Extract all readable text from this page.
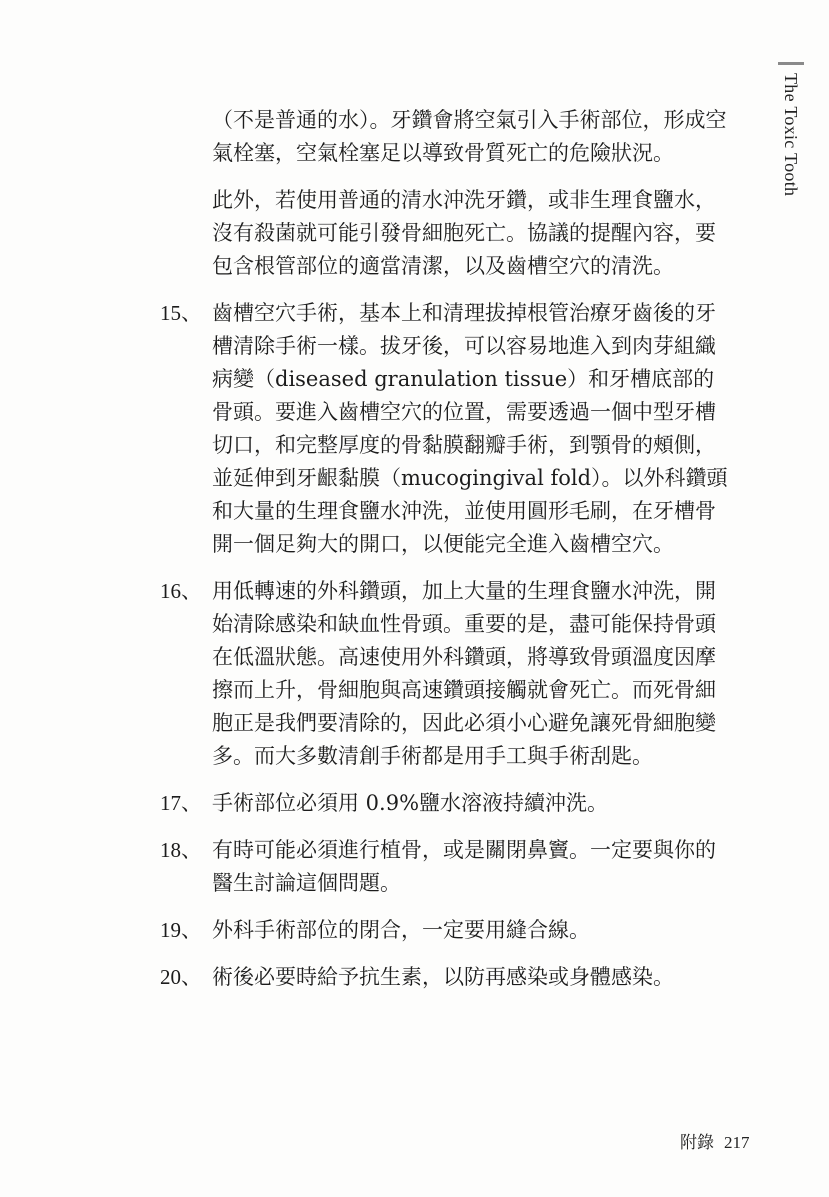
The Toxic Tooth
（不是普通的水）。牙鑽會將空氣引入手術部位，形成空氣栓塞，空氣栓塞足以導致骨質死亡的危險狀況。
此外，若使用普通的清水沖洗牙鑽，或非生理食鹽水，沒有殺菌就可能引發骨細胞死亡。協議的提醒內容，要包含根管部位的適當清潔，以及齒槽空穴的清洗。
15、 齒槽空穴手術，基本上和清理拔掉根管治療牙齒後的牙槽清除手術一樣。拔牙後，可以容易地進入到肉芽組織病變（diseased granulation tissue）和牙槽底部的骨頭。要進入齒槽空穴的位置，需要透過一個中型牙槽切口，和完整厚度的骨黏膜翻瓣手術，到顎骨的頰側，並延伸到牙齦黏膜（mucogingival fold）。以外科鑽頭和大量的生理食鹽水沖洗，並使用圓形毛刷，在牙槽骨開一個足夠大的開口，以便能完全進入齒槽空穴。
16、 用低轉速的外科鑽頭，加上大量的生理食鹽水沖洗，開始清除感染和缺血性骨頭。重要的是，盡可能保持骨頭在低溫狀態。高速使用外科鑽頭，將導致骨頭溫度因摩擦而上升，骨細胞與高速鑽頭接觸就會死亡。而死骨細胞正是我們要清除的，因此必須小心避免讓死骨細胞變多。而大多數清創手術都是用手工與手術刮匙。
17、 手術部位必須用 0.9%鹽水溶液持續沖洗。
18、 有時可能必須進行植骨，或是關閉鼻竇。一定要與你的醫生討論這個問題。
19、 外科手術部位的閉合，一定要用縫合線。
20、 術後必要時給予抗生素，以防再感染或身體感染。
附錄 217
